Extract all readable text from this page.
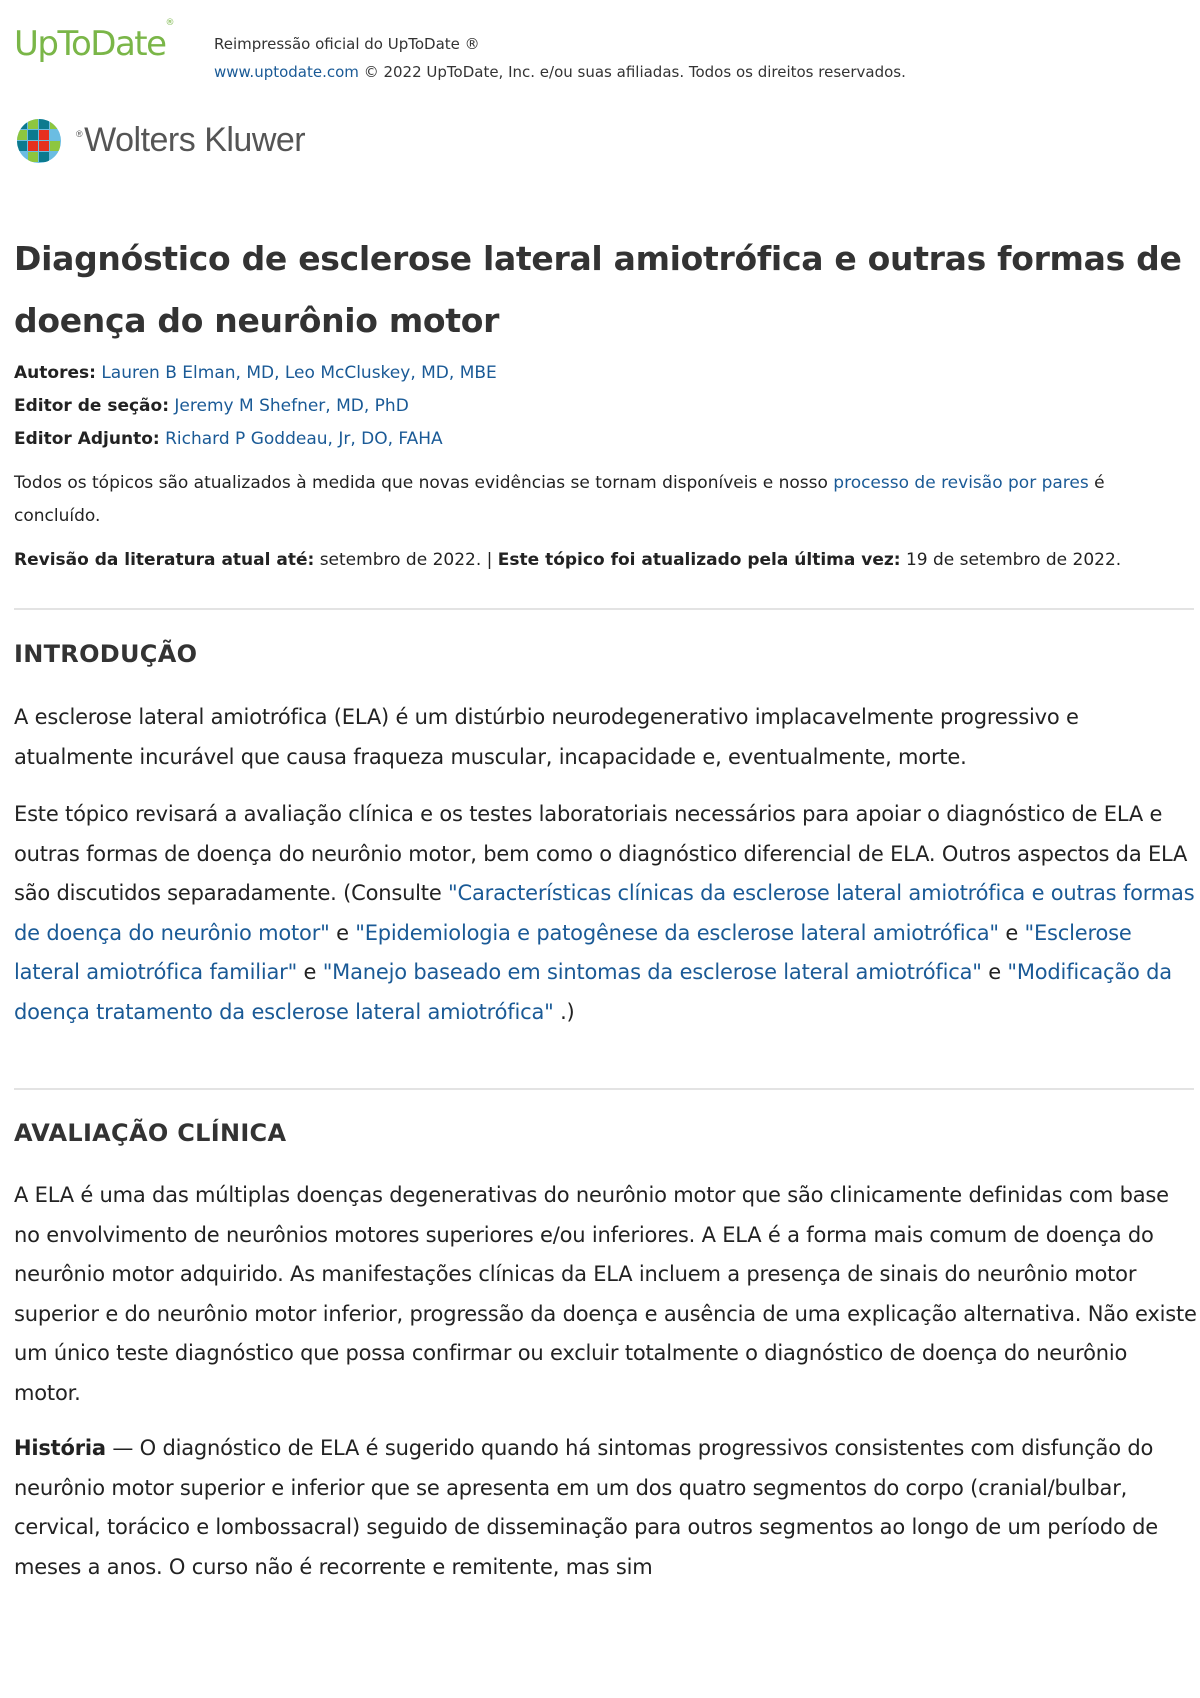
UpToDate®
Reimpressão oficial do UpToDate ®
www.uptodate.com © 2022 UpToDate, Inc. e/ou suas afiliadas. Todos os direitos reservados.
®Wolters Kluwer
Diagnóstico de esclerose lateral amiotrófica e outras formas de doença do neurônio motor
Autores: Lauren B Elman, MD, Leo McCluskey, MD, MBE
Editor de seção: Jeremy M Shefner, MD, PhD
Editor Adjunto: Richard P Goddeau, Jr, DO, FAHA

Todos os tópicos são atualizados à medida que novas evidências se tornam disponíveis e nosso processo de revisão por pares é concluído.

Revisão da literatura atual até: setembro de 2022. | Este tópico foi atualizado pela última vez: 19 de setembro de 2022.

INTRODUÇÃO

A esclerose lateral amiotrófica (ELA) é um distúrbio neurodegenerativo implacavelmente progressivo e atualmente incurável que causa fraqueza muscular, incapacidade e, eventualmente, morte.

Este tópico revisará a avaliação clínica e os testes laboratoriais necessários para apoiar o diagnóstico de ELA e outras formas de doença do neurônio motor, bem como o diagnóstico diferencial de ELA. Outros aspectos da ELA são discutidos separadamente. (Consulte "Características clínicas da esclerose lateral amiotrófica e outras formas de doença do neurônio motor" e "Epidemiologia e patogênese da esclerose lateral amiotrófica" e "Esclerose lateral amiotrófica familiar" e "Manejo baseado em sintomas da esclerose lateral amiotrófica" e "Modificação da doença tratamento da esclerose lateral amiotrófica" .)

AVALIAÇÃO CLÍNICA

A ELA é uma das múltiplas doenças degenerativas do neurônio motor que são clinicamente definidas com base no envolvimento de neurônios motores superiores e/ou inferiores. A ELA é a forma mais comum de doença do neurônio motor adquirido. As manifestações clínicas da ELA incluem a presença de sinais do neurônio motor superior e do neurônio motor inferior, progressão da doença e ausência de uma explicação alternativa. Não existe um único teste diagnóstico que possa confirmar ou excluir totalmente o diagnóstico de doença do neurônio motor.

História — O diagnóstico de ELA é sugerido quando há sintomas progressivos consistentes com disfunção do neurônio motor superior e inferior que se apresenta em um dos quatro segmentos do corpo (cranial/bulbar, cervical, torácico e lombossacral) seguido de disseminação para outros segmentos ao longo de um período de meses a anos. O curso não é recorrente e remitente, mas sim
